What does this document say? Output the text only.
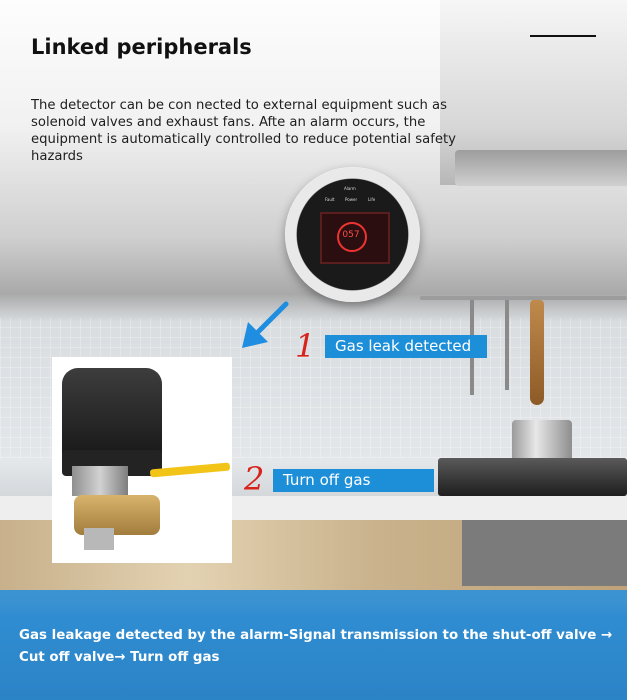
Linked peripherals

The detector can be con nected to external equipment such as solenoid valves and exhaust fans. Afte an alarm occurs, the equipment is automatically controlled to reduce potential safety hazards

057
Alarm
Fault	Power	Life
1	Gas leak detected
2	Turn off gas

Gas leakage detected by the alarm-Signal transmission to the shut-off valve → Cut off valve→ Turn off gas
